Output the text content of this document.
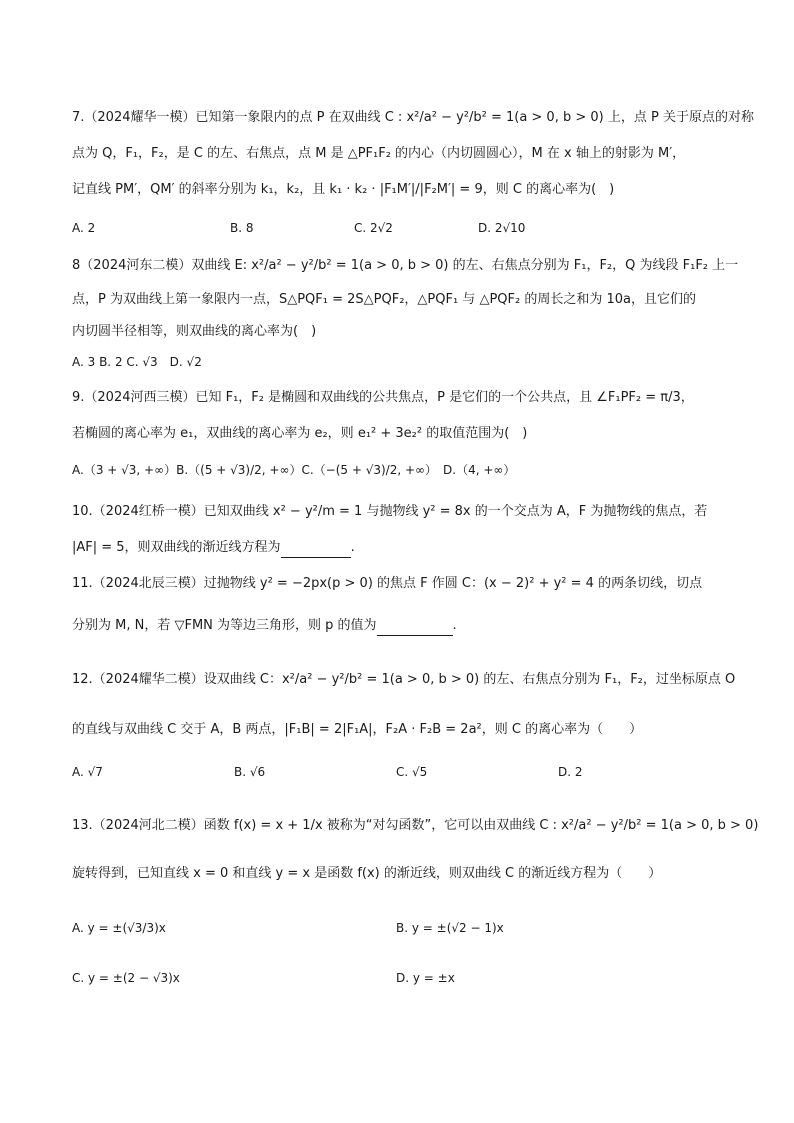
7.（2024耀华一模）已知第一象限内的点 P 在双曲线 C : x²/a² − y²/b² = 1(a > 0, b > 0) 上，点 P 关于原点的对称
点为 Q，F₁，F₂，是 C 的左、右焦点，点 M 是 △PF₁F₂ 的内心（内切圆圆心），M 在 x 轴上的射影为 M′，
记直线 PM′，QM′ 的斜率分别为 k₁，k₂，且 k₁ · k₂ · |F₁M′|/|F₂M′| = 9，则 C 的离心率为(　)
A. 2	B. 8	C. 2√2	D. 2√10
8（2024河东二模）双曲线 E: x²/a² − y²/b² = 1(a > 0, b > 0) 的左、右焦点分别为 F₁，F₂，Q 为线段 F₁F₂ 上一
点，P 为双曲线上第一象限内一点，S△PQF₁ = 2S△PQF₂，△PQF₁ 与 △PQF₂ 的周长之和为 10a，且它们的
内切圆半径相等，则双曲线的离心率为(　)
A. 3 B. 2 C. √3　D. √2
9.（2024河西三模）已知 F₁，F₂ 是椭圆和双曲线的公共焦点，P 是它们的一个公共点，且 ∠F₁PF₂ = π/3，
若椭圆的离心率为 e₁，双曲线的离心率为 e₂，则 e₁² + 3e₂² 的取值范围为(　)
A.（3 + √3, +∞）B.（(5 + √3)/2, +∞）C.（−(5 + √3)/2, +∞）　D.（4, +∞）
10.（2024红桥一模）已知双曲线 x² − y²/m = 1 与抛物线 y² = 8x 的一个交点为 A，F 为抛物线的焦点，若
|AF| = 5，则双曲线的渐近线方程为	.
11.（2024北辰三模）过抛物线 y² = −2px(p > 0) 的焦点 F 作圆 C：(x − 2)² + y² = 4 的两条切线，切点
分别为 M, N，若 ▽FMN 为等边三角形，则 p 的值为	.
12.（2024耀华二模）设双曲线 C：x²/a² − y²/b² = 1(a > 0, b > 0) 的左、右焦点分别为 F₁，F₂，过坐标原点 O
的直线与双曲线 C 交于 A，B 两点，|F₁B| = 2|F₁A|，F₂A · F₂B = 2a²，则 C 的离心率为（　　）
A. √7	B. √6	C. √5	D. 2
13.（2024河北二模）函数 f(x) = x + 1/x 被称为“对勾函数”，它可以由双曲线 C : x²/a² − y²/b² = 1(a > 0, b > 0)
旋转得到，已知直线 x = 0 和直线 y = x 是函数 f(x) 的渐近线，则双曲线 C 的渐近线方程为（　　）
A. y = ±(√3/3)x	B. y = ±(√2 − 1)x
C. y = ±(2 − √3)x	D. y = ±x
